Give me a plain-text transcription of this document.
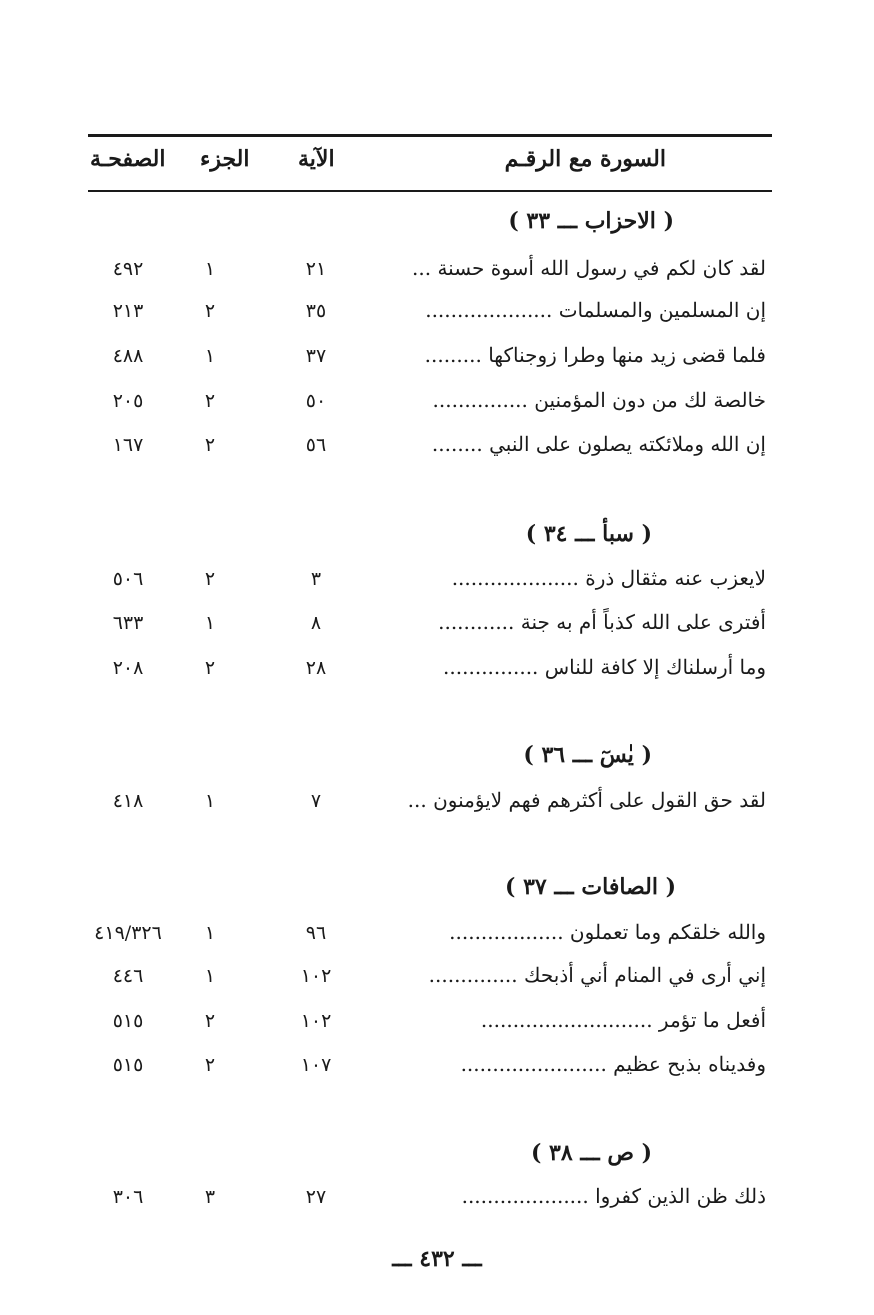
السورة مع الرقـم
الآية
الجزء
الصفحـة
( الاحزاب ـــ ٣٣ )
لقد كان لكم في رسول الله أسوة حسنة ...
٢١
١
٤٩٢
إن المسلمين والمسلمات ....................
٣٥
٢
٢١٣
فلما قضى زيد منها وطرا زوجناكها .........
٣٧
١
٤٨٨
خالصة لك من دون المؤمنين ...............
٥٠
٢
٢٠٥
إن الله وملائكته يصلون على النبي ........
٥٦
٢
١٦٧
( سبأ ـــ ٣٤ )
لايعزب عنه مثقال ذرة ....................
٣
٢
٥٠٦
أفترى على الله كذباً أم به جنة ............
٨
١
٦٣٣
وما أرسلناك إلا كافة للناس ...............
٢٨
٢
٢٠٨
( يٰسٓ ـــ ٣٦ )
لقد حق القول على أكثرهم فهم لايؤمنون ...
٧
١
٤١٨
( الصافات ـــ ٣٧ )
والله خلقكم وما تعملون ..................
٩٦
١
٤١٩/٣٢٦
إني أرى في المنام أني أذبحك ..............
١٠٢
١
٤٤٦
أفعل ما تؤمر ...........................
١٠٢
٢
٥١٥
وفديناه بذبح عظيم .......................
١٠٧
٢
٥١٥
( ص ـــ ٣٨ )
ذلك ظن الذين كفروا ....................
٢٧
٣
٣٠٦
ـــ ٤٣٢ ـــ
